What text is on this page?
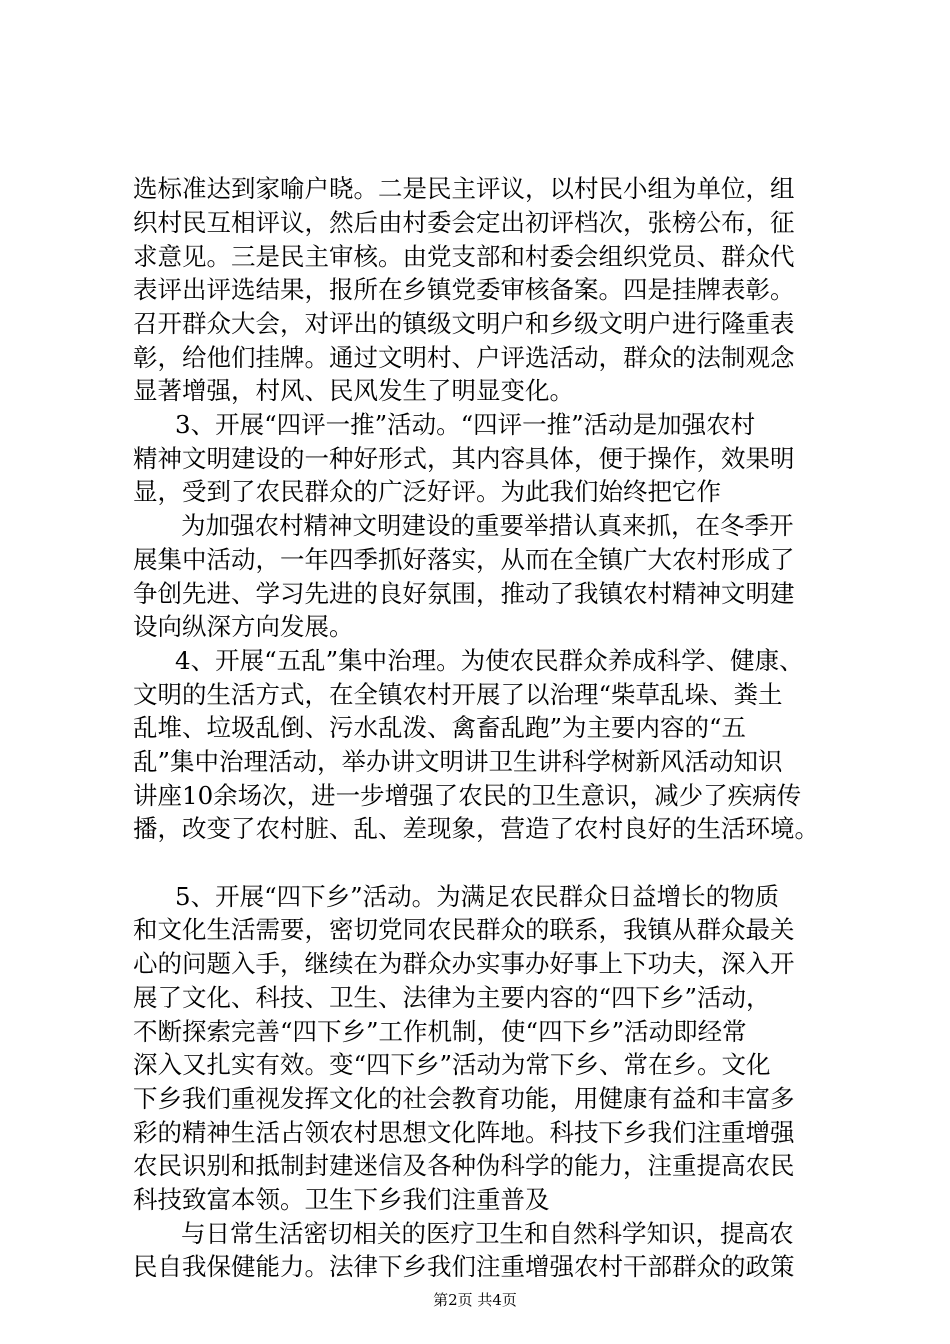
选标准达到家喻户晓。二是民主评议，以村民小组为单位，组
织村民互相评议，然后由村委会定出初评档次，张榜公布，征
求意见。三是民主审核。由党支部和村委会组织党员、群众代
表评出评选结果，报所在乡镇党委审核备案。四是挂牌表彰。
召开群众大会，对评出的镇级文明户和乡级文明户进行隆重表
彰，给他们挂牌。通过文明村、户评选活动，群众的法制观念
显著增强，村风、民风发生了明显变化。
3、开展“四评一推”活动。“四评一推”活动是加强农村
精神文明建设的一种好形式，其内容具体，便于操作，效果明
显，受到了农民群众的广泛好评。为此我们始终把它作
为加强农村精神文明建设的重要举措认真来抓，在冬季开
展集中活动，一年四季抓好落实，从而在全镇广大农村形成了
争创先进、学习先进的良好氛围，推动了我镇农村精神文明建
设向纵深方向发展。
4、开展“五乱”集中治理。为使农民群众养成科学、健康、
文明的生活方式，在全镇农村开展了以治理“柴草乱垛、粪土
乱堆、垃圾乱倒、污水乱泼、禽畜乱跑”为主要内容的“五
乱”集中治理活动，举办讲文明讲卫生讲科学树新风活动知识
讲座10余场次，进一步增强了农民的卫生意识，减少了疾病传
播，改变了农村脏、乱、差现象，营造了农村良好的生活环境。
5、开展“四下乡”活动。为满足农民群众日益增长的物质
和文化生活需要，密切党同农民群众的联系，我镇从群众最关
心的问题入手，继续在为群众办实事办好事上下功夫，深入开
展了文化、科技、卫生、法律为主要内容的“四下乡”活动，
不断探索完善“四下乡”工作机制，使“四下乡”活动即经常
深入又扎实有效。变“四下乡”活动为常下乡、常在乡。文化
下乡我们重视发挥文化的社会教育功能，用健康有益和丰富多
彩的精神生活占领农村思想文化阵地。科技下乡我们注重增强
农民识别和抵制封建迷信及各种伪科学的能力，注重提高农民
科技致富本领。卫生下乡我们注重普及
与日常生活密切相关的医疗卫生和自然科学知识，提高农
民自我保健能力。法律下乡我们注重增强农村干部群众的政策
第2页 共4页
